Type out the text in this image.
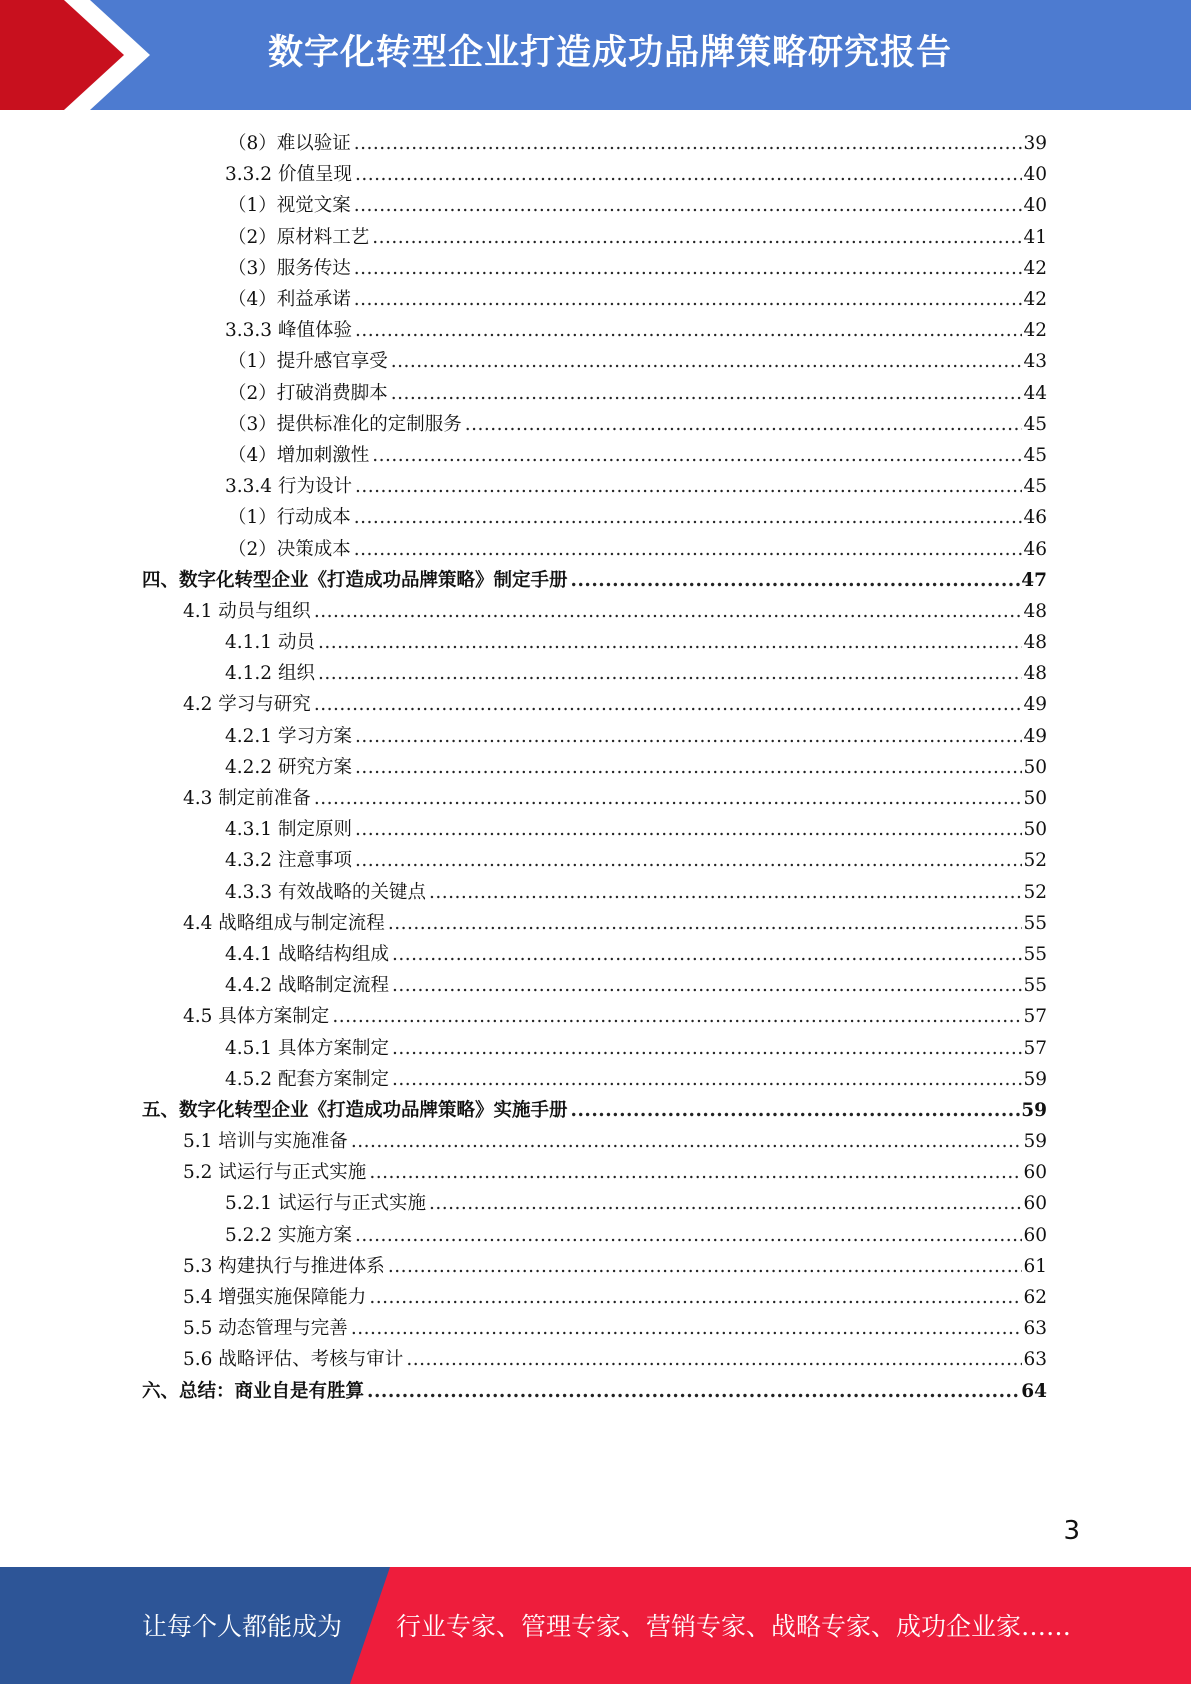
数字化转型企业打造成功品牌策略研究报告
（8）难以验证 .....	39
3.3.2 价值呈现 .....	40
（1）视觉文案 .....	40
（2）原材料工艺 .....	41
（3）服务传达 .....	42
（4）利益承诺 .....	42
3.3.3 峰值体验 .....	42
（1）提升感官享受 .....	43
（2）打破消费脚本 .....	44
（3）提供标准化的定制服务 .....	45
（4）增加刺激性 .....	45
3.3.4 行为设计 .....	45
（1）行动成本 .....	46
（2）决策成本 .....	46
四、数字化转型企业《打造成功品牌策略》制定手册 .....	47
4.1 动员与组织 .....	48
4.1.1 动员 .....	48
4.1.2 组织 .....	48
4.2 学习与研究 .....	49
4.2.1 学习方案 .....	49
4.2.2 研究方案 .....	50
4.3 制定前准备 .....	50
4.3.1 制定原则 .....	50
4.3.2 注意事项 .....	52
4.3.3 有效战略的关键点 .....	52
4.4 战略组成与制定流程 .....	55
4.4.1 战略结构组成 .....	55
4.4.2 战略制定流程 .....	55
4.5 具体方案制定 .....	57
4.5.1 具体方案制定 .....	57
4.5.2 配套方案制定 .....	59
五、数字化转型企业《打造成功品牌策略》实施手册 .....	59
5.1 培训与实施准备 .....	59
5.2 试运行与正式实施 .....	60
5.2.1 试运行与正式实施 .....	60
5.2.2 实施方案 .....	60
5.3 构建执行与推进体系 .....	61
5.4 增强实施保障能力 .....	62
5.5 动态管理与完善 .....	63
5.6 战略评估、考核与审计 .....	63
六、总结：商业自是有胜算 .....	64
3
让每个人都能成为 行业专家、管理专家、营销专家、战略专家、成功企业家……
